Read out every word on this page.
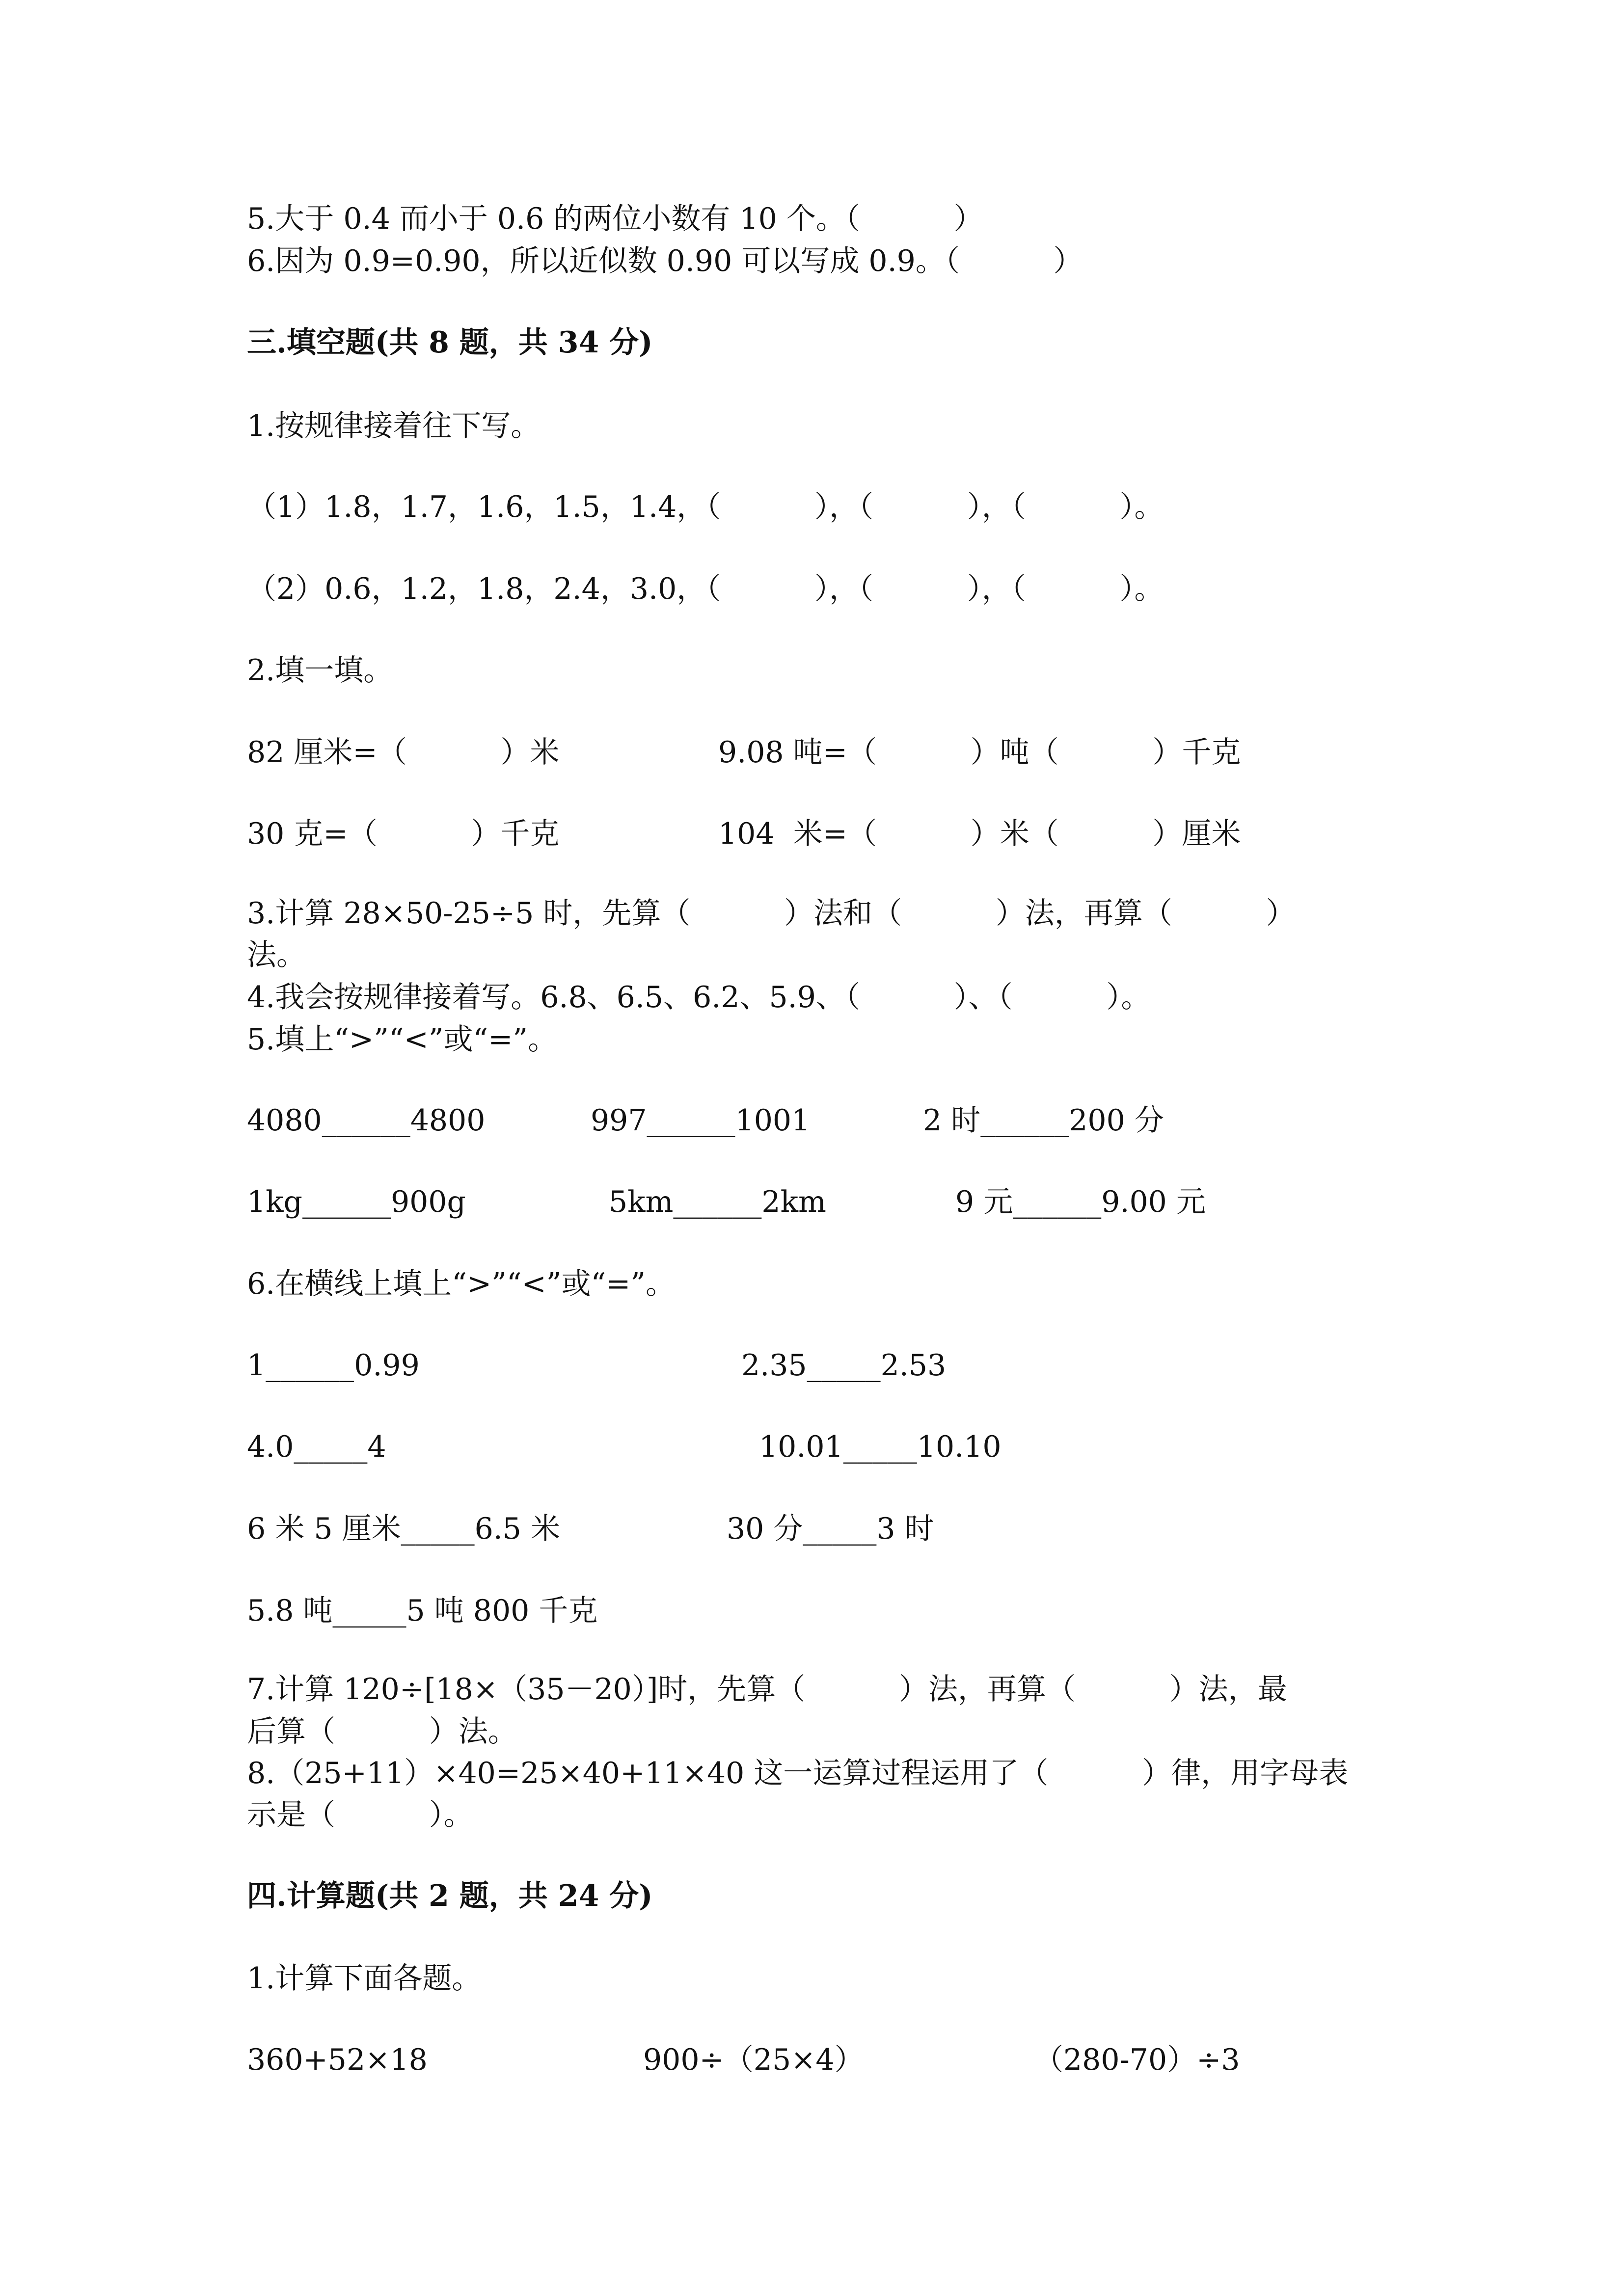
5.大于 0.4 而小于 0.6 的两位小数有 10 个。（          ）
6.因为 0.9=0.90，所以近似数 0.90 可以写成 0.9。（          ）
三.填空题(共 8 题，共 34 分)
1.按规律接着往下写。
（1）1.8，1.7，1.6，1.5，1.4，（          ），（          ），（          ）。
（2）0.6，1.2，1.8，2.4，3.0，（          ），（          ），（          ）。
2.填一填。
82 厘米=（          ）米	9.08 吨=（          ）吨（          ）千克
30 克=（          ）千克	104  米=（          ）米（          ）厘米
3.计算 28×50-25÷5 时，先算（          ）法和（          ）法，再算（          ）
法。
4.我会按规律接着写。6.8、6.5、6.2、5.9、（          ）、（          ）。
5.填上“>”“<”或“=”。
4080______4800	997______1001	2 时______200 分
1kg______900g	5km______2km	9 元______9.00 元
6.在横线上填上“>”“<”或“=”。
1______0.99	2.35_____2.53
4.0_____4	10.01_____10.10
6 米 5 厘米_____6.5 米	30 分_____3 时
5.8 吨_____5 吨 800 千克
7.计算 120÷[18×（35－20）]时，先算（          ）法，再算（          ）法，最
后算（          ）法。
8.（25+11）×40=25×40+11×40 这一运算过程运用了（          ）律，用字母表
示是（          ）。
四.计算题(共 2 题，共 24 分)
1.计算下面各题。
360+52×18	900÷（25×4）	（280-70）÷3
